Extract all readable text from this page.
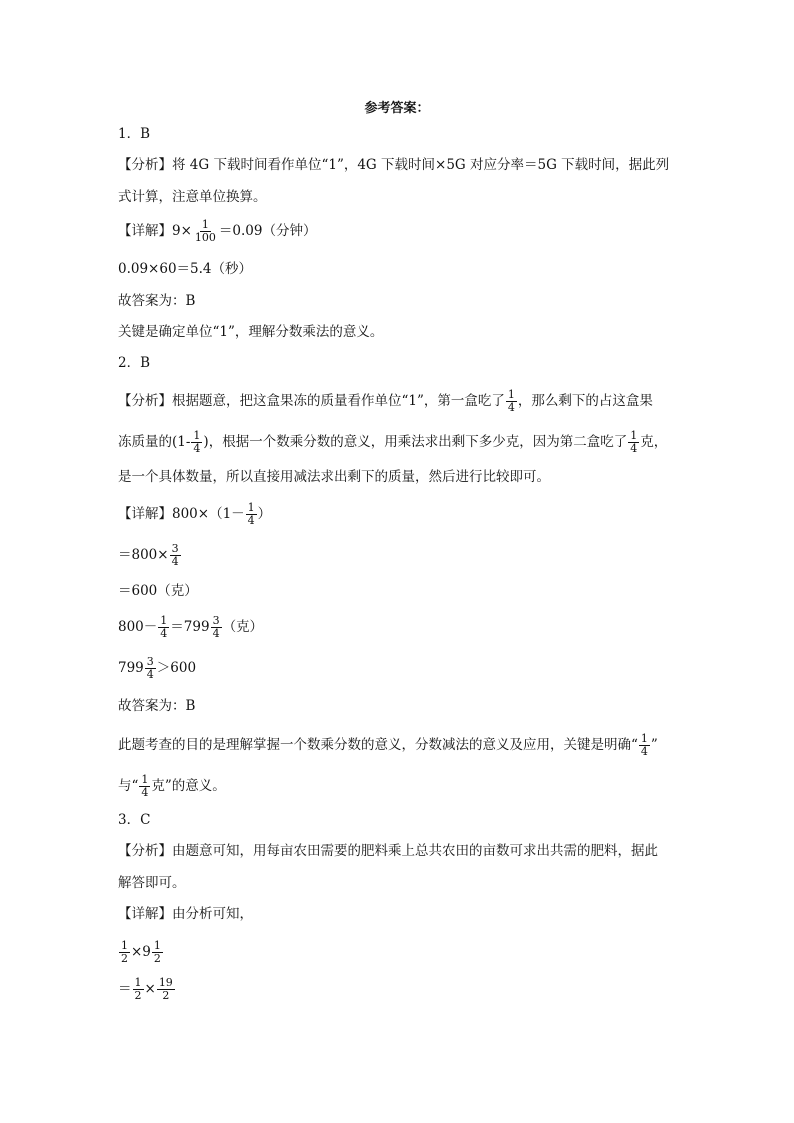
参考答案：
1．B
【分析】将 4G 下载时间看作单位“1”，4G 下载时间×5G 对应分率＝5G 下载时间，据此列
式计算，注意单位换算。
【详解】$9\times \frac{1}{100} =0.09$（分钟）
0.09×60＝5.4（秒）
故答案为：B
关键是确定单位“1”，理解分数乘法的意义。
2．B
【分析】根据题意，把这盒果冻的质量看作单位“1”，第一盒吃了 $\frac{1}{4}$ ，那么剩下的占这盒果
冻质量的($1- \frac{1}{4}$ )，根据一个数乘分数的意义，用乘法求出剩下多少克，因为第二盒吃了 $\frac{1}{4}$ 克，
是一个具体数量，所以直接用减法求出剩下的质量，然后进行比较即可。
【详解】$800\times(1- \frac{1}{4}$ ）
$=800\times \frac{3}{4}$
＝600（克）
$800- \frac{1}{4} =799 \frac{3}{4}$ （克）
$799 \frac{3}{4} >600$
故答案为：B
此题考查的目的是理解掌握一个数乘分数的意义，分数减法的意义及应用，关键是明确“ $\frac{1}{4}$ ”
与“ $\frac{1}{4}$ 克”的意义。
3．C
【分析】由题意可知，用每亩农田需要的肥料乘上总共农田的亩数可求出共需的肥料，据此
解答即可。
【详解】由分析可知，
$\frac{1}{2} \times 9 \frac{1}{2}$
＝ $\frac{1}{2} \times \frac{19}{2}$
